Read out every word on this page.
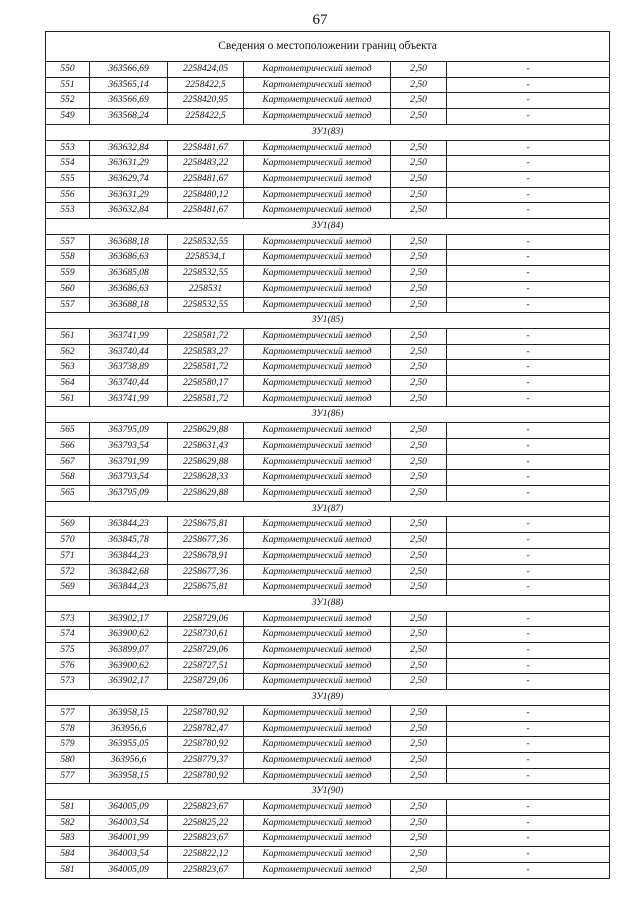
67
Сведения о местоположении границ объекта					
550	363566,69	2258424,05	Картометрический метод	2,50	-
551	363565,14	2258422,5	Картометрический метод	2,50	-
552	363566,69	2258420,95	Картометрический метод	2,50	-
549	363568,24	2258422,5	Картометрический метод	2,50	-
ЗУ1(83)					
553	363632,84	2258481,67	Картометрический метод	2,50	-
554	363631,29	2258483,22	Картометрический метод	2,50	-
555	363629,74	2258481,67	Картометрический метод	2,50	-
556	363631,29	2258480,12	Картометрический метод	2,50	-
553	363632,84	2258481,67	Картометрический метод	2,50	-
ЗУ1(84)					
557	363688,18	2258532,55	Картометрический метод	2,50	-
558	363686,63	2258534,1	Картометрический метод	2,50	-
559	363685,08	2258532,55	Картометрический метод	2,50	-
560	363686,63	2258531	Картометрический метод	2,50	-
557	363688,18	2258532,55	Картометрический метод	2,50	-
ЗУ1(85)					
561	363741,99	2258581,72	Картометрический метод	2,50	-
562	363740,44	2258583,27	Картометрический метод	2,50	-
563	363738,89	2258581,72	Картометрический метод	2,50	-
564	363740,44	2258580,17	Картометрический метод	2,50	-
561	363741,99	2258581,72	Картометрический метод	2,50	-
ЗУ1(86)					
565	363795,09	2258629,88	Картометрический метод	2,50	-
566	363793,54	2258631,43	Картометрический метод	2,50	-
567	363791,99	2258629,88	Картометрический метод	2,50	-
568	363793,54	2258628,33	Картометрический метод	2,50	-
565	363795,09	2258629,88	Картометрический метод	2,50	-
ЗУ1(87)					
569	363844,23	2258675,81	Картометрический метод	2,50	-
570	363845,78	2258677,36	Картометрический метод	2,50	-
571	363844,23	2258678,91	Картометрический метод	2,50	-
572	363842,68	2258677,36	Картометрический метод	2,50	-
569	363844,23	2258675,81	Картометрический метод	2,50	-
ЗУ1(88)					
573	363902,17	2258729,06	Картометрический метод	2,50	-
574	363900,62	2258730,61	Картометрический метод	2,50	-
575	363899,07	2258729,06	Картометрический метод	2,50	-
576	363900,62	2258727,51	Картометрический метод	2,50	-
573	363902,17	2258729,06	Картометрический метод	2,50	-
ЗУ1(89)					
577	363958,15	2258780,92	Картометрический метод	2,50	-
578	363956,6	2258782,47	Картометрический метод	2,50	-
579	363955,05	2258780,92	Картометрический метод	2,50	-
580	363956,6	2258779,37	Картометрический метод	2,50	-
577	363958,15	2258780,92	Картометрический метод	2,50	-
ЗУ1(90)					
581	364005,09	2258823,67	Картометрический метод	2,50	-
582	364003,54	2258825,22	Картометрический метод	2,50	-
583	364001,99	2258823,67	Картометрический метод	2,50	-
584	364003,54	2258822,12	Картометрический метод	2,50	-
581	364005,09	2258823,67	Картометрический метод	2,50	-
